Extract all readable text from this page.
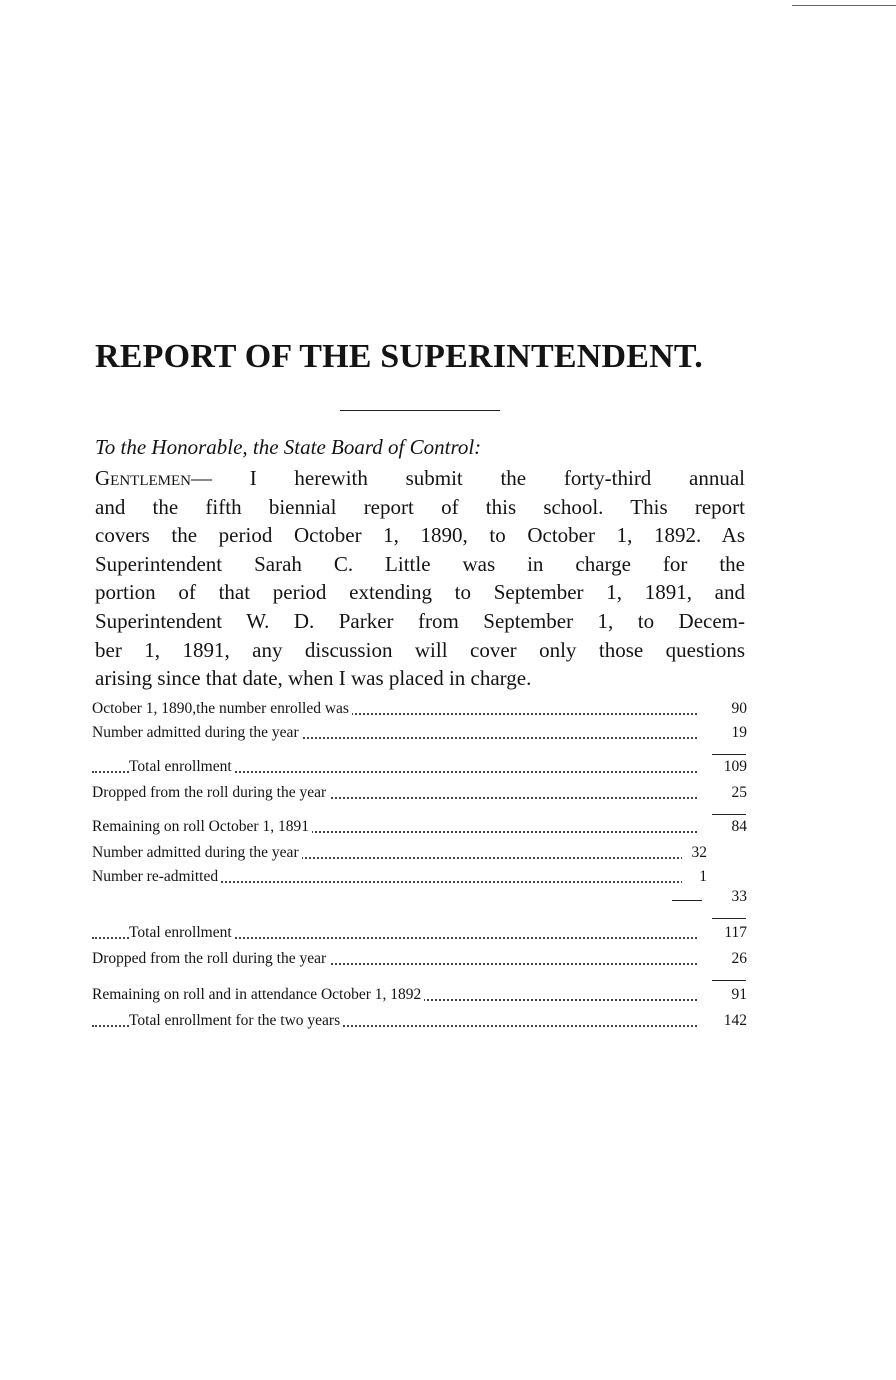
REPORT OF THE SUPERINTENDENT.
To the Honorable, the State Board of Control:
Gentlemen— I herewith submit the forty-third annual
and the fifth biennial report of this school. This report
covers the period October 1, 1890, to October 1, 1892. As
Superintendent Sarah C. Little was in charge for the
portion of that period extending to September 1, 1891, and
Superintendent W. D. Parker from September 1, to Decem-
ber 1, 1891, any discussion will cover only those questions
arising since that date, when I was placed in charge.
October 1, 1890,the number enrolled was	90
Number admitted during the year	19
Total enrollment	109
Dropped from the roll during the year	25
Remaining on roll October 1, 1891	84
Number admitted during the year	32
Number re-admitted	1
33
Total enrollment	117
Dropped from the roll during the year	26
Remaining on roll and in attendance October 1, 1892	91
Total enrollment for the two years	142
